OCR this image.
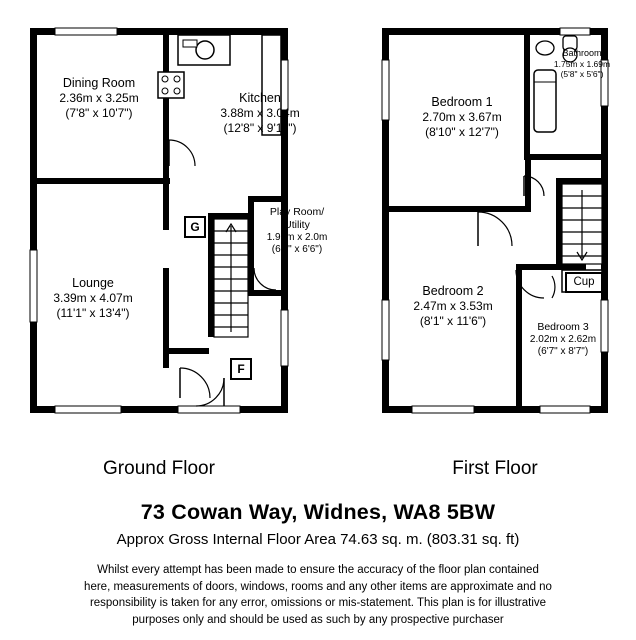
Dining Room
2.36m x 3.25m
(7'8" x 10'7")
Kitchen
3.88m x 3.04m
(12'8" x 9'11")
Lounge
3.39m x 4.07m
(11'1" x 13'4")
Play Room/
Utility
1.95m x 2.0m
(6'4" x 6'6")
G
F
Bathroom
1.75m x 1.69m
(5'8" x 5'6")
Bedroom 1
2.70m x 3.67m
(8'10" x 12'7")
Bedroom 2
2.47m x 3.53m
(8'1" x 11'6")	Bedroom 3
2.02m x 2.62m
(6'7" x 8'7")
Cup
Ground Floor	First Floor
73 Cowan Way, Widnes, WA8 5BW
Approx Gross Internal Floor Area 74.63 sq. m. (803.31 sq. ft)
Whilst every attempt has been made to ensure the accuracy of the floor plan contained
here, measurements of doors, windows, rooms and any other items are approximate and no
responsibility is taken for any error, omissions or mis-statement. This plan is for illustrative
purposes only and should be used as such by any prospective purchaser
